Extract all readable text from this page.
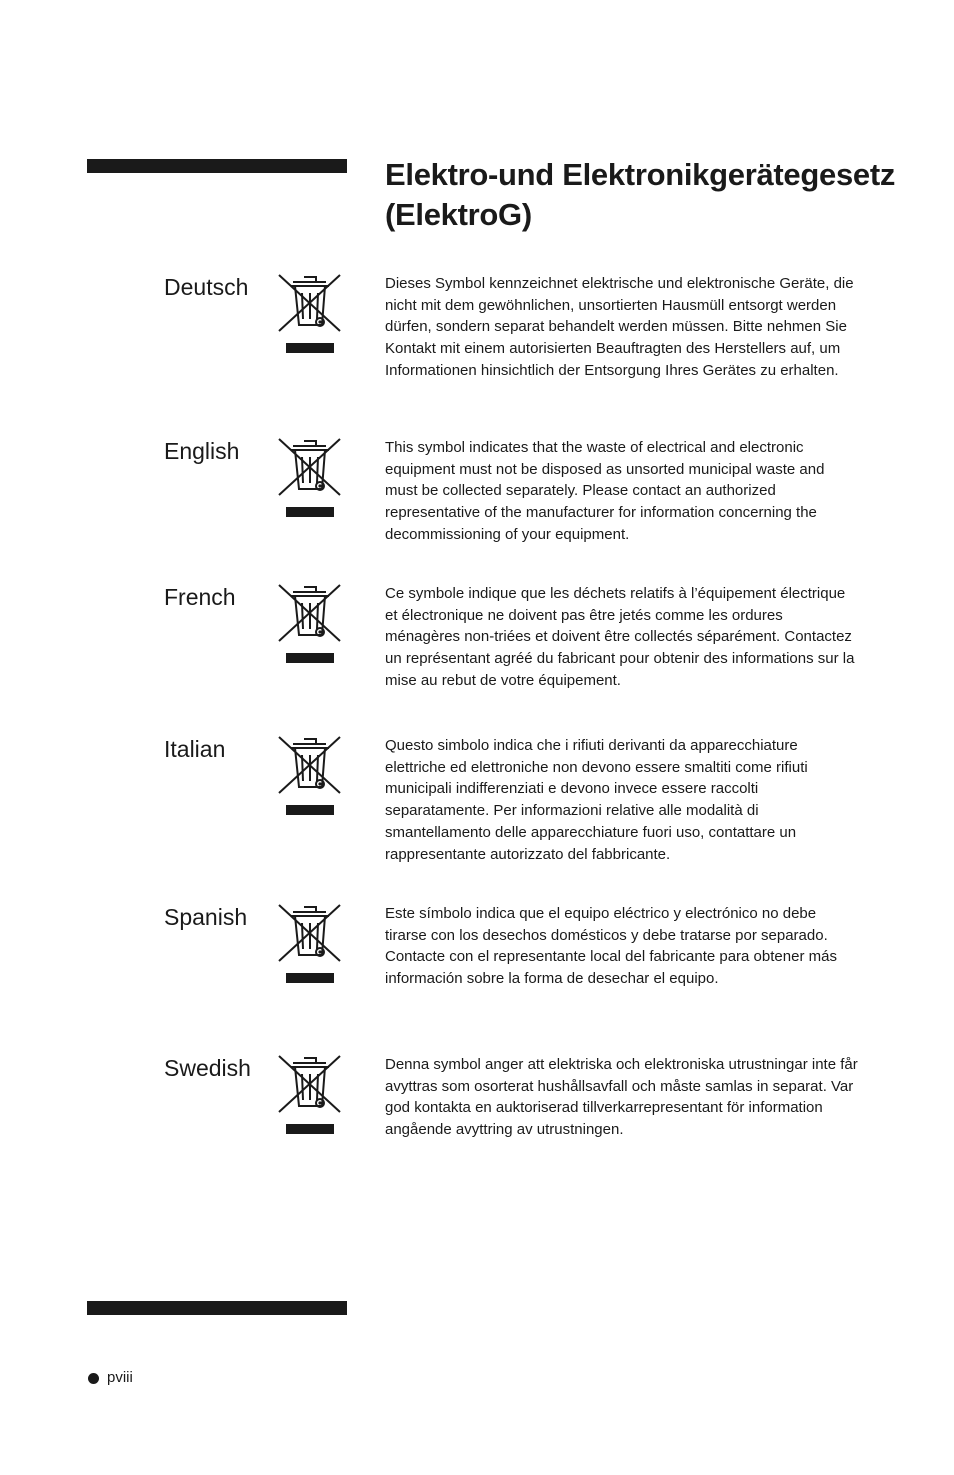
Elektro-und Elektronikgerätegesetz
(ElektroG)
Deutsch	Dieses Symbol kennzeichnet elektrische und elektronische Geräte, die nicht mit dem gewöhnlichen, unsortierten Hausmüll entsorgt werden dürfen, sondern separat behandelt werden müssen. Bitte nehmen Sie Kontakt mit einem autorisierten Beauftragten des Herstellers auf, um Informationen hinsichtlich der Entsorgung Ihres Gerätes zu erhalten.

English	This symbol indicates that the waste of electrical and electronic equipment must not be disposed as unsorted municipal waste and must be collected separately. Please contact an authorized representative of the manufacturer for information concerning the decommissioning of your equipment.

French	Ce symbole indique que les déchets relatifs à l’équipement électrique et électronique ne doivent pas être jetés comme les ordures ménagères non-triées et doivent être collectés séparément. Contactez un représentant agréé du fabricant pour obtenir des informations sur la mise au rebut de votre équipement.

Italian	Questo simbolo indica che i rifiuti derivanti da apparecchiature elettriche ed elettroniche non devono essere smaltiti come rifiuti municipali indifferenziati e devono invece essere raccolti separatamente. Per informazioni relative alle modalità di smantellamento delle apparecchiature fuori uso, contattare un rappresentante autorizzato del fabbricante.

Spanish	Este símbolo indica que el equipo eléctrico y electrónico no debe tirarse con los desechos domésticos y debe tratarse por separado. Contacte con el representante local del fabricante para obtener más información sobre la forma de desechar el equipo.

Swedish	Denna symbol anger att elektriska och elektroniska utrustningar inte får avyttras som osorterat hushållsavfall och måste samlas in separat. Var god kontakta en auktoriserad tillverkarrepresentant för information angående avyttring av utrustningen.

pviii
